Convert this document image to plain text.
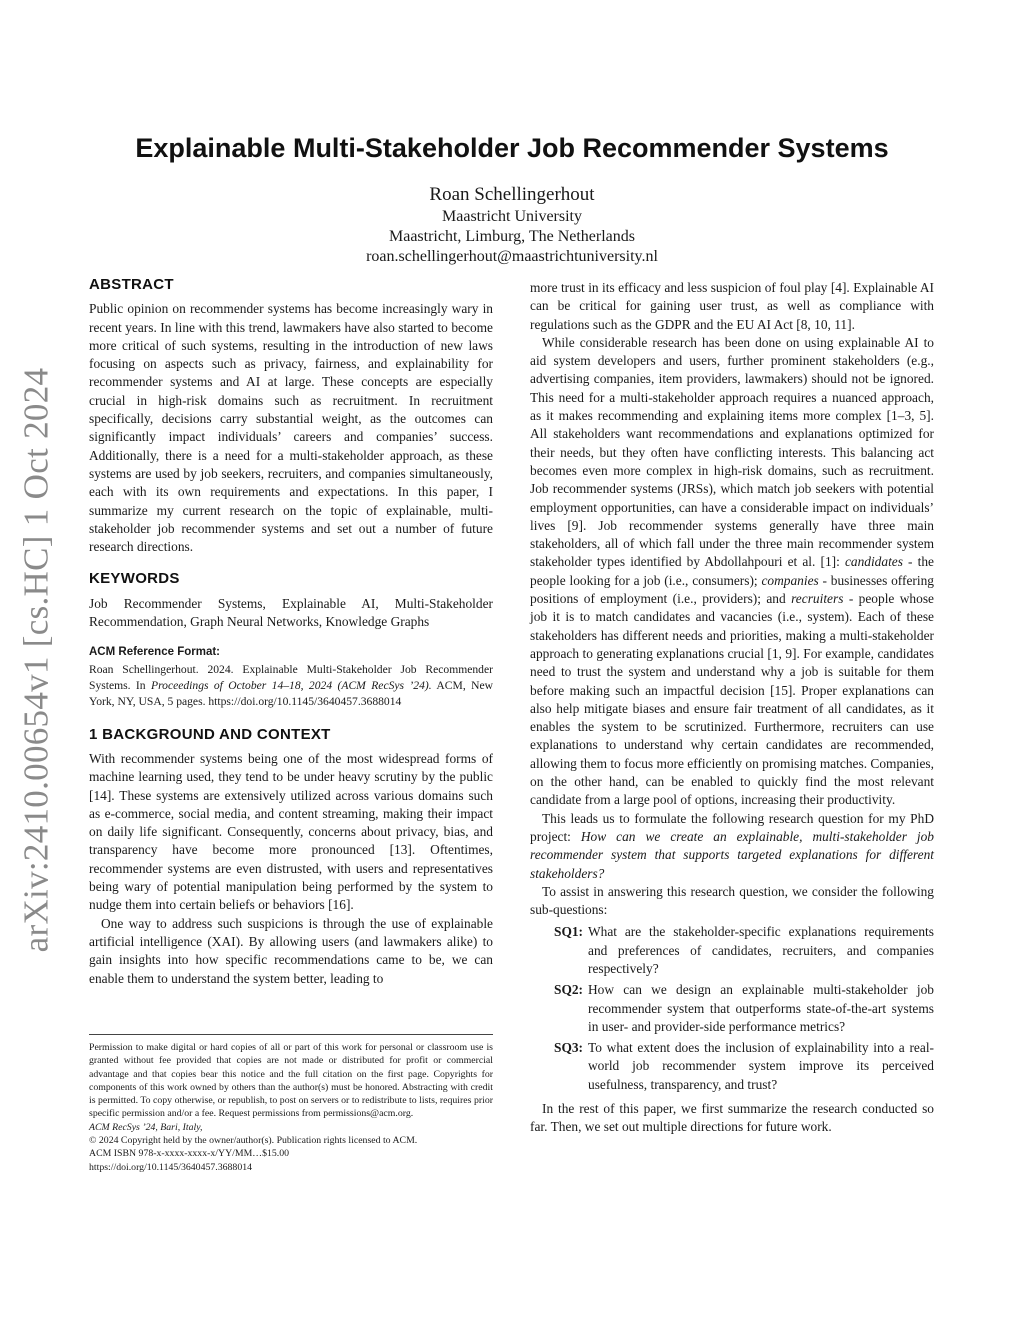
arXiv:2410.00654v1 [cs.HC] 1 Oct 2024
Explainable Multi-Stakeholder Job Recommender Systems
Roan Schellingerhout
Maastricht University
Maastricht, Limburg, The Netherlands
roan.schellingerhout@maastrichtuniversity.nl
ABSTRACT

Public opinion on recommender systems has become increasingly wary in recent years. In line with this trend, lawmakers have also started to become more critical of such systems, resulting in the introduction of new laws focusing on aspects such as privacy, fairness, and explainability for recommender systems and AI at large. These concepts are especially crucial in high-risk domains such as recruitment. In recruitment specifically, decisions carry substantial weight, as the outcomes can significantly impact individuals’ careers and companies’ success. Additionally, there is a need for a multi-stakeholder approach, as these systems are used by job seekers, recruiters, and companies simultaneously, each with its own requirements and expectations. In this paper, I summarize my current research on the topic of explainable, multi-stakeholder job recommender systems and set out a number of future research directions.

KEYWORDS

Job Recommender Systems, Explainable AI, Multi-Stakeholder Recommendation, Graph Neural Networks, Knowledge Graphs

ACM Reference Format:

Roan Schellingerhout. 2024. Explainable Multi-Stakeholder Job Recommender Systems. In Proceedings of October 14–18, 2024 (ACM RecSys ’24). ACM, New York, NY, USA, 5 pages. https://doi.org/10.1145/3640457.3688014

1 BACKGROUND AND CONTEXT

With recommender systems being one of the most widespread forms of machine learning used, they tend to be under heavy scrutiny by the public [14]. These systems are extensively utilized across various domains such as e-commerce, social media, and content streaming, making their impact on daily life significant. Consequently, concerns about privacy, bias, and transparency have become more pronounced [13]. Oftentimes, recommender systems are even distrusted, with users and representatives being wary of potential manipulation being performed by the system to nudge them into certain beliefs or behaviors [16].

One way to address such suspicions is through the use of explainable artificial intelligence (XAI). By allowing users (and lawmakers alike) to gain insights into how specific recommendations came to be, we can enable them to understand the system better, leading to

Permission to make digital or hard copies of all or part of this work for personal or classroom use is granted without fee provided that copies are not made or distributed for profit or commercial advantage and that copies bear this notice and the full citation on the first page. Copyrights for components of this work owned by others than the author(s) must be honored. Abstracting with credit is permitted. To copy otherwise, or republish, to post on servers or to redistribute to lists, requires prior specific permission and/or a fee. Request permissions from permissions@acm.org.
ACM RecSys ’24, Bari, Italy,
© 2024 Copyright held by the owner/author(s). Publication rights licensed to ACM.
ACM ISBN 978-x-xxxx-xxxx-x/YY/MM…$15.00
https://doi.org/10.1145/3640457.3688014

more trust in its efficacy and less suspicion of foul play [4]. Explainable AI can be critical for gaining user trust, as well as compliance with regulations such as the GDPR and the EU AI Act [8, 10, 11].

While considerable research has been done on using explainable AI to aid system developers and users, further prominent stakeholders (e.g., advertising companies, item providers, lawmakers) should not be ignored. This need for a multi-stakeholder approach requires a nuanced approach, as it makes recommending and explaining items more complex [1–3, 5]. All stakeholders want recommendations and explanations optimized for their needs, but they often have conflicting interests. This balancing act becomes even more complex in high-risk domains, such as recruitment. Job recommender systems (JRSs), which match job seekers with potential employment opportunities, can have a considerable impact on individuals’ lives [9]. Job recommender systems generally have three main stakeholders, all of which fall under the three main recommender system stakeholder types identified by Abdollahpouri et al. [1]: candidates - the people looking for a job (i.e., consumers); companies - businesses offering positions of employment (i.e., providers); and recruiters - people whose job it is to match candidates and vacancies (i.e., system). Each of these stakeholders has different needs and priorities, making a multi-stakeholder approach to generating explanations crucial [1, 9]. For example, candidates need to trust the system and understand why a job is suitable for them before making such an impactful decision [15]. Proper explanations can also help mitigate biases and ensure fair treatment of all candidates, as it enables the system to be scrutinized. Furthermore, recruiters can use explanations to understand why certain candidates are recommended, allowing them to focus more efficiently on promising matches. Companies, on the other hand, can be enabled to quickly find the most relevant candidate from a large pool of options, increasing their productivity.

This leads us to formulate the following research question for my PhD project: How can we create an explainable, multi-stakeholder job recommender system that supports targeted explanations for different stakeholders?

To assist in answering this research question, we consider the following sub-questions:

SQ1: What are the stakeholder-specific explanations requirements and preferences of candidates, recruiters, and companies respectively?
SQ2: How can we design an explainable multi-stakeholder job recommender system that outperforms state-of-the-art systems in user- and provider-side performance metrics?
SQ3: To what extent does the inclusion of explainability into a real-world job recommender system improve its perceived usefulness, transparency, and trust?

In the rest of this paper, we first summarize the research conducted so far. Then, we set out multiple directions for future work.
